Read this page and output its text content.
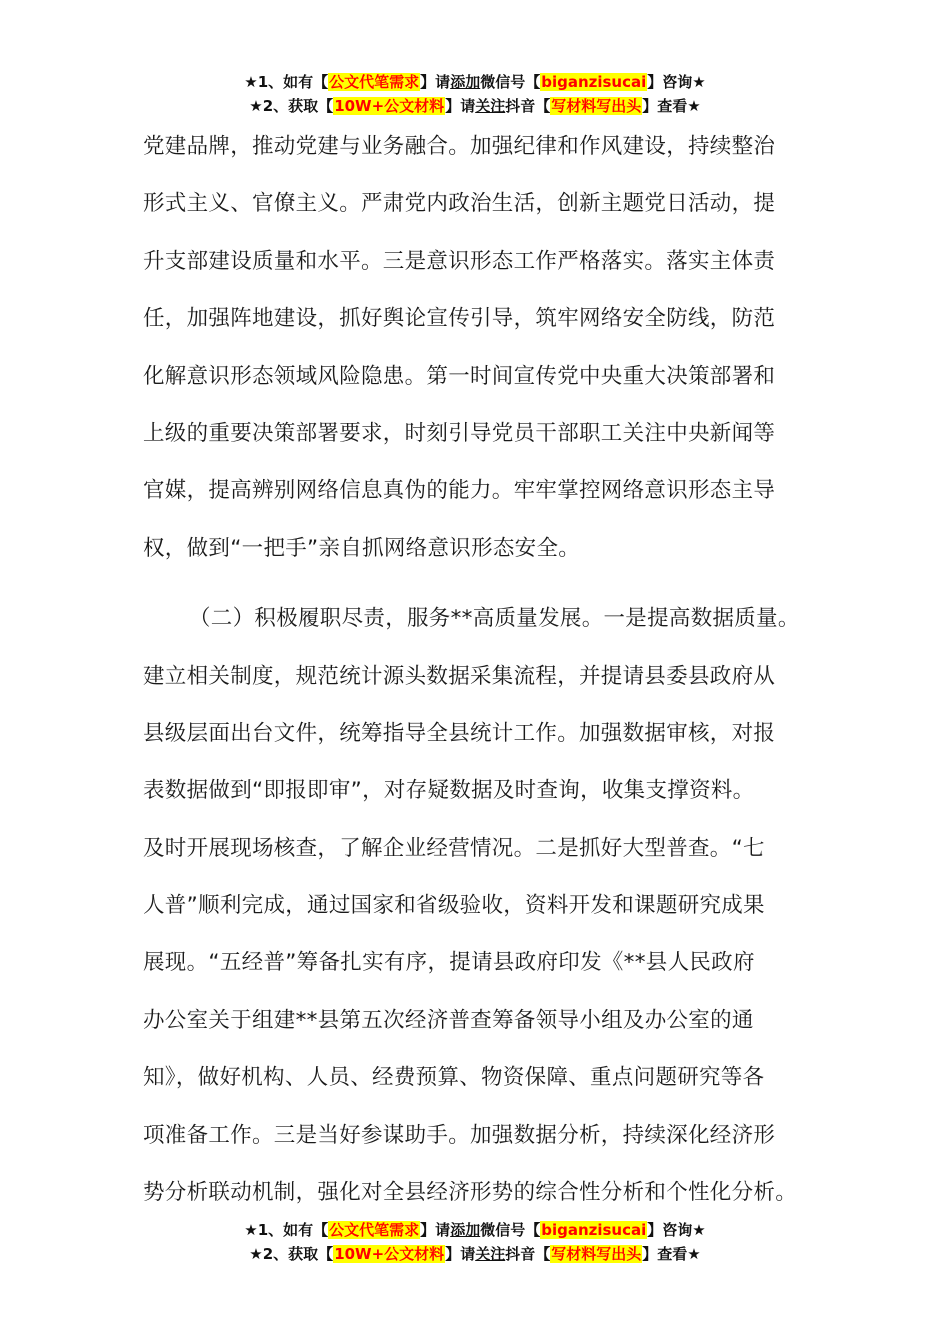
★1、如有【公文代笔需求】请添加微信号【biganzisucai】咨询★
★2、获取【10W+公文材料】请关注抖音【写材料写出头】查看★
党建品牌，推动党建与业务融合。加强纪律和作风建设，持续整治
形式主义、官僚主义。严肃党内政治生活，创新主题党日活动，提
升支部建设质量和水平。三是意识形态工作严格落实。落实主体责
任，加强阵地建设，抓好舆论宣传引导，筑牢网络安全防线，防范
化解意识形态领域风险隐患。第一时间宣传党中央重大决策部署和
上级的重要决策部署要求，时刻引导党员干部职工关注中央新闻等
官媒，提高辨别网络信息真伪的能力。牢牢掌控网络意识形态主导
权，做到“一把手”亲自抓网络意识形态安全。
（二）积极履职尽责，服务**高质量发展。一是提高数据质量。
建立相关制度，规范统计源头数据采集流程，并提请县委县政府从
县级层面出台文件，统筹指导全县统计工作。加强数据审核，对报
表数据做到“即报即审”，对存疑数据及时查询，收集支撑资料。
及时开展现场核查，了解企业经营情况。二是抓好大型普查。“七
人普”顺利完成，通过国家和省级验收，资料开发和课题研究成果
展现。“五经普”筹备扎实有序，提请县政府印发《**县人民政府
办公室关于组建**县第五次经济普查筹备领导小组及办公室的通
知》，做好机构、人员、经费预算、物资保障、重点问题研究等各
项准备工作。三是当好参谋助手。加强数据分析，持续深化经济形
势分析联动机制，强化对全县经济形势的综合性分析和个性化分析。
★1、如有【公文代笔需求】请添加微信号【biganzisucai】咨询★
★2、获取【10W+公文材料】请关注抖音【写材料写出头】查看★
